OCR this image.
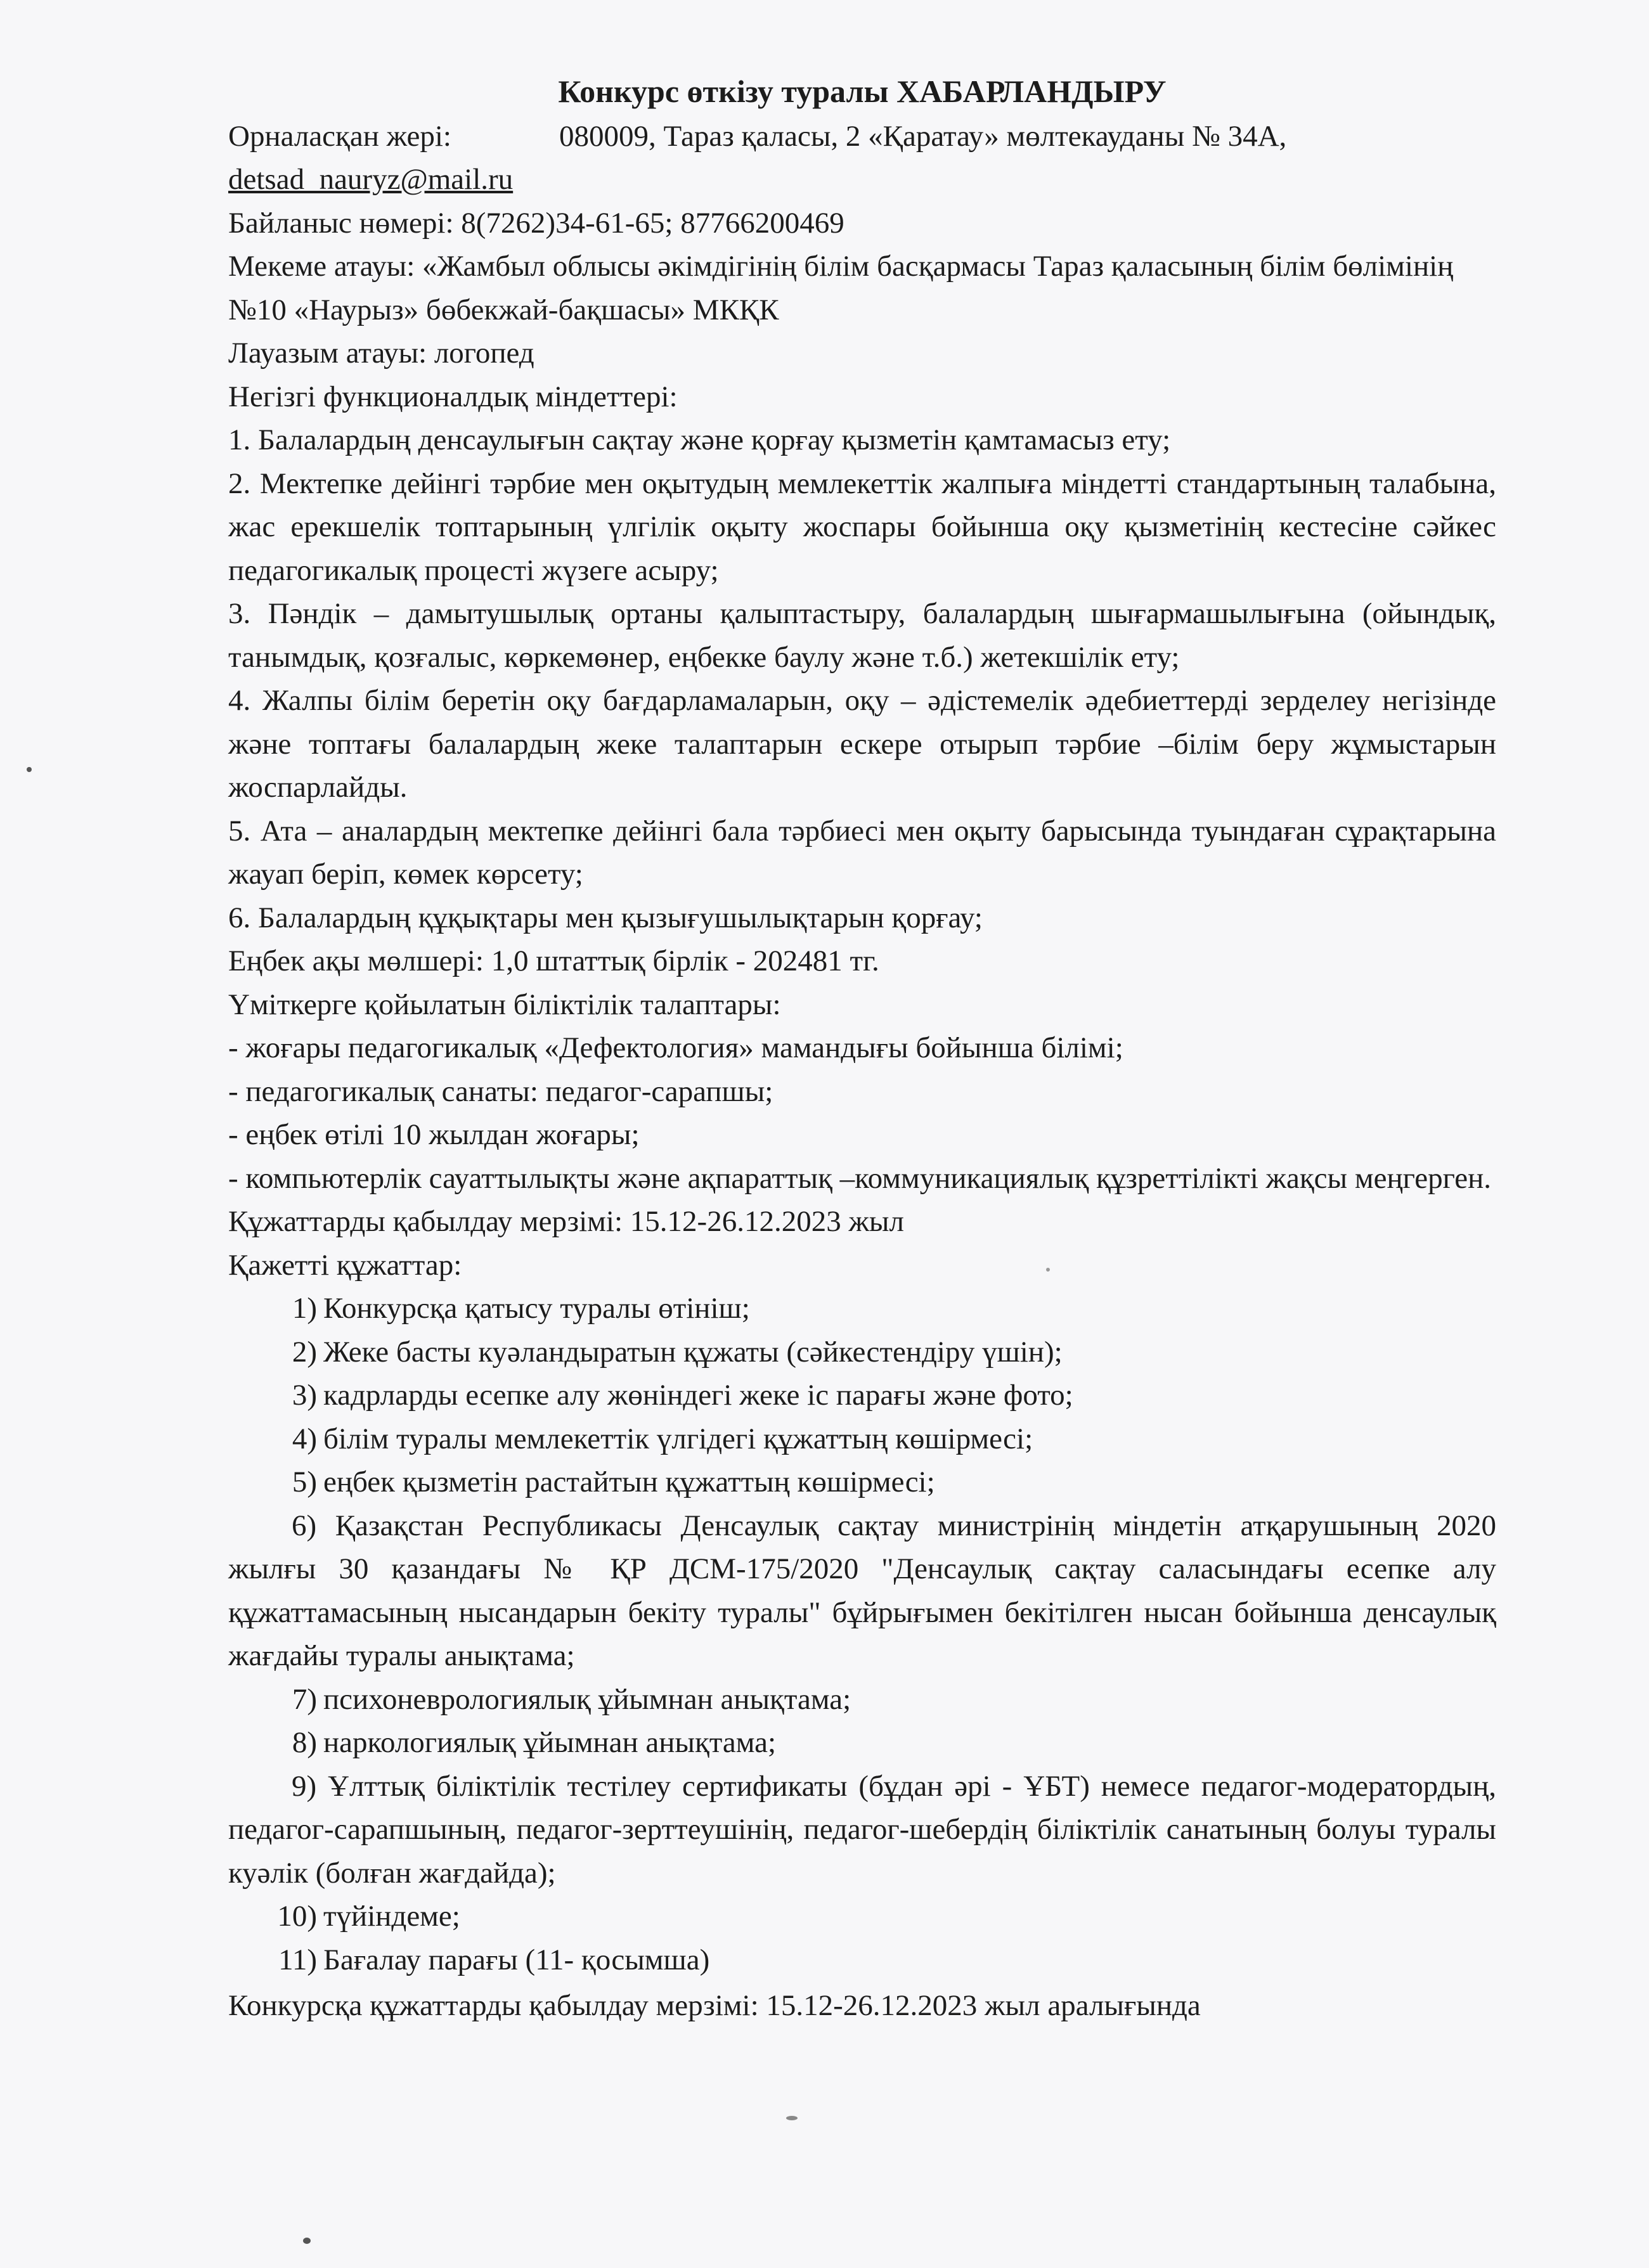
Конкурс өткізу туралы ХАБАРЛАНДЫРУ

Орналасқан жері:	080009, Тараз қаласы, 2 «Қаратау» мөлтекауданы № 34А,

detsad_nauryz@mail.ru

Байланыс нөмері: 8(7262)34-61-65; 87766200469

Мекеме атауы: «Жамбыл облысы әкімдігінің білім басқармасы Тараз қаласының білім бөлімінің №10 «Наурыз» бөбекжай-бақшасы» МКҚК

Лауазым атауы: логопед

Негізгі функционалдық міндеттері:

1. Балалардың денсаулығын сақтау және қорғау қызметін қамтамасыз ету;

2. Мектепке дейінгі тәрбие мен оқытудың мемлекеттік жалпыға міндетті стандартының талабына, жас ерекшелік топтарының үлгілік оқыту жоспары бойынша оқу қызметінің кестесіне сәйкес педагогикалық процесті жүзеге асыру;

3. Пәндік – дамытушылық ортаны қалыптастыру, балалардың шығармашылығына (ойындық, танымдық, қозғалыс, көркемөнер, еңбекке баулу және т.б.) жетекшілік ету;

4. Жалпы білім беретін оқу бағдарламаларын, оқу – әдістемелік әдебиеттерді зерделеу негізінде және топтағы балалардың жеке талаптарын ескере отырып тәрбие –білім беру жұмыстарын жоспарлайды.

5. Ата – аналардың мектепке дейінгі бала тәрбиесі мен оқыту барысында туындаған сұрақтарына жауап беріп, көмек көрсету;

6. Балалардың құқықтары мен қызығушылықтарын қорғау;

Еңбек ақы мөлшері: 1,0 штаттық бірлік - 202481 тг.

Үміткерге қойылатын біліктілік талаптары:

- жоғары педагогикалық «Дефектология» мамандығы бойынша білімі;

- педагогикалық санаты: педагог-сарапшы;

- еңбек өтілі 10 жылдан жоғары;

- компьютерлік сауаттылықты және ақпараттық –коммуникациялық құзреттілікті жақсы меңгерген.

Құжаттарды қабылдау мерзімі: 15.12-26.12.2023 жыл

Қажетті құжаттар:

1) Конкурсқа қатысу туралы өтініш;
2) Жеке басты куәландыратын құжаты (сәйкестендіру үшін);
3) кадрларды есепке алу жөніндегі жеке іс парағы және фото;
4) білім туралы мемлекеттік үлгідегі құжаттың көшірмесі;
5) еңбек қызметін растайтын құжаттың көшірмесі;

6) Қазақстан Республикасы Денсаулық сақтау министрінің міндетін атқарушының 2020 жылғы 30 қазандағы № ҚР ДСМ-175/2020 "Денсаулық сақтау саласындағы есепке алу құжаттамасының нысандарын бекіту туралы" бұйрығымен бекітілген нысан бойынша денсаулық жағдайы туралы анықтама;

7) психоневрологиялық ұйымнан анықтама;
8) наркологиялық ұйымнан анықтама;

9) Ұлттық біліктілік тестілеу сертификаты (бұдан әрі - ҰБТ) немесе педагог-модератордың, педагог-сарапшының, педагог-зерттеушінің, педагог-шебердің біліктілік санатының болуы туралы куәлік (болған жағдайда);

10) түйіндеме;
11) Бағалау парағы (11- қосымша)

Конкурсқа құжаттарды қабылдау мерзімі: 15.12-26.12.2023 жыл аралығында
